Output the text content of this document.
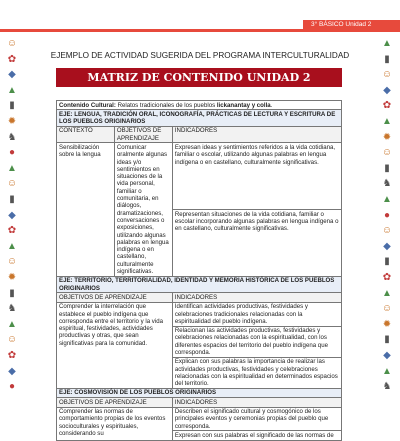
3° BÁSICO Unidad 2
☺
✿
◆
▲
▮
✹
♞
●
▲
☺
▮
◆
✿
▲
☺
✹
▮
♞
▲
☺
✿
◆
●
▲
▮
☺
◆
✿
▲
✹
☺
▮
♞
▲
●
☺
◆
▮
✿
▲
☺
✹
▮
◆
▲
♞
EJEMPLO DE ACTIVIDAD SUGERIDA DEL PROGRAMA INTERCULTURALIDAD
MATRIZ DE CONTENIDO UNIDAD 2
Contenido Cultural: Relatos tradicionales de los pueblos lickanantay y colla.		
EJE: LENGUA, TRADICIÓN ORAL, ICONOGRAFÍA, PRÁCTICAS DE LECTURA Y ESCRITURA DE LOS PUEBLOS ORIGINARIOS		
CONTEXTO	OBJETIVOS DE APRENDIZAJE	INDICADORES
Sensibilización sobre la lengua	Comunicar oralmente algunas ideas y/o sentimientos en situaciones de la vida personal, familiar o comunitaria, en diálogos, dramatizaciones, conversaciones o exposiciones, utilizando algunas palabras en lengua indígena o en castellano, culturalmente significativas.	Expresan ideas y sentimientos referidos a la vida cotidiana, familiar o escolar, utilizando algunas palabras en lengua indígena o en castellano, culturalmente significativas.
		Representan situaciones de la vida cotidiana, familiar o escolar incorporando algunas palabras en lengua indígena o en castellano, culturalmente significativas.
EJE: TERRITORIO, TERRITORIALIDAD, IDENTIDAD Y MEMORIA HISTÓRICA DE LOS PUEBLOS ORIGINARIOS		
OBJETIVOS DE APRENDIZAJE		INDICADORES
Comprender la interrelación que establece el pueblo indígena que corresponda entre el territorio y la vida espiritual, festividades, actividades productivas y otras, que sean significativas para la comunidad.		Identifican actividades productivas, festividades y celebraciones tradicionales relacionadas con la espiritualidad del pueblo indígena.
		Relacionan las actividades productivas, festividades y celebraciones relacionadas con la espiritualidad, con los diferentes espacios del territorio del pueblo indígena que corresponda.
		Explican con sus palabras la importancia de realizar las actividades productivas, festividades y celebraciones relacionadas con la espiritualidad en determinados espacios del territorio.
EJE: COSMOVISIÓN DE LOS PUEBLOS ORIGINARIOS		
OBJETIVOS DE APRENDIZAJE		INDICADORES
Comprender las normas de comportamiento propias de los eventos socioculturales y espirituales, considerando su		Describen el significado cultural y cosmogónico de los principales eventos y ceremonias propias del pueblo que corresponda.
		Expresan con sus palabras el significado de las normas de
